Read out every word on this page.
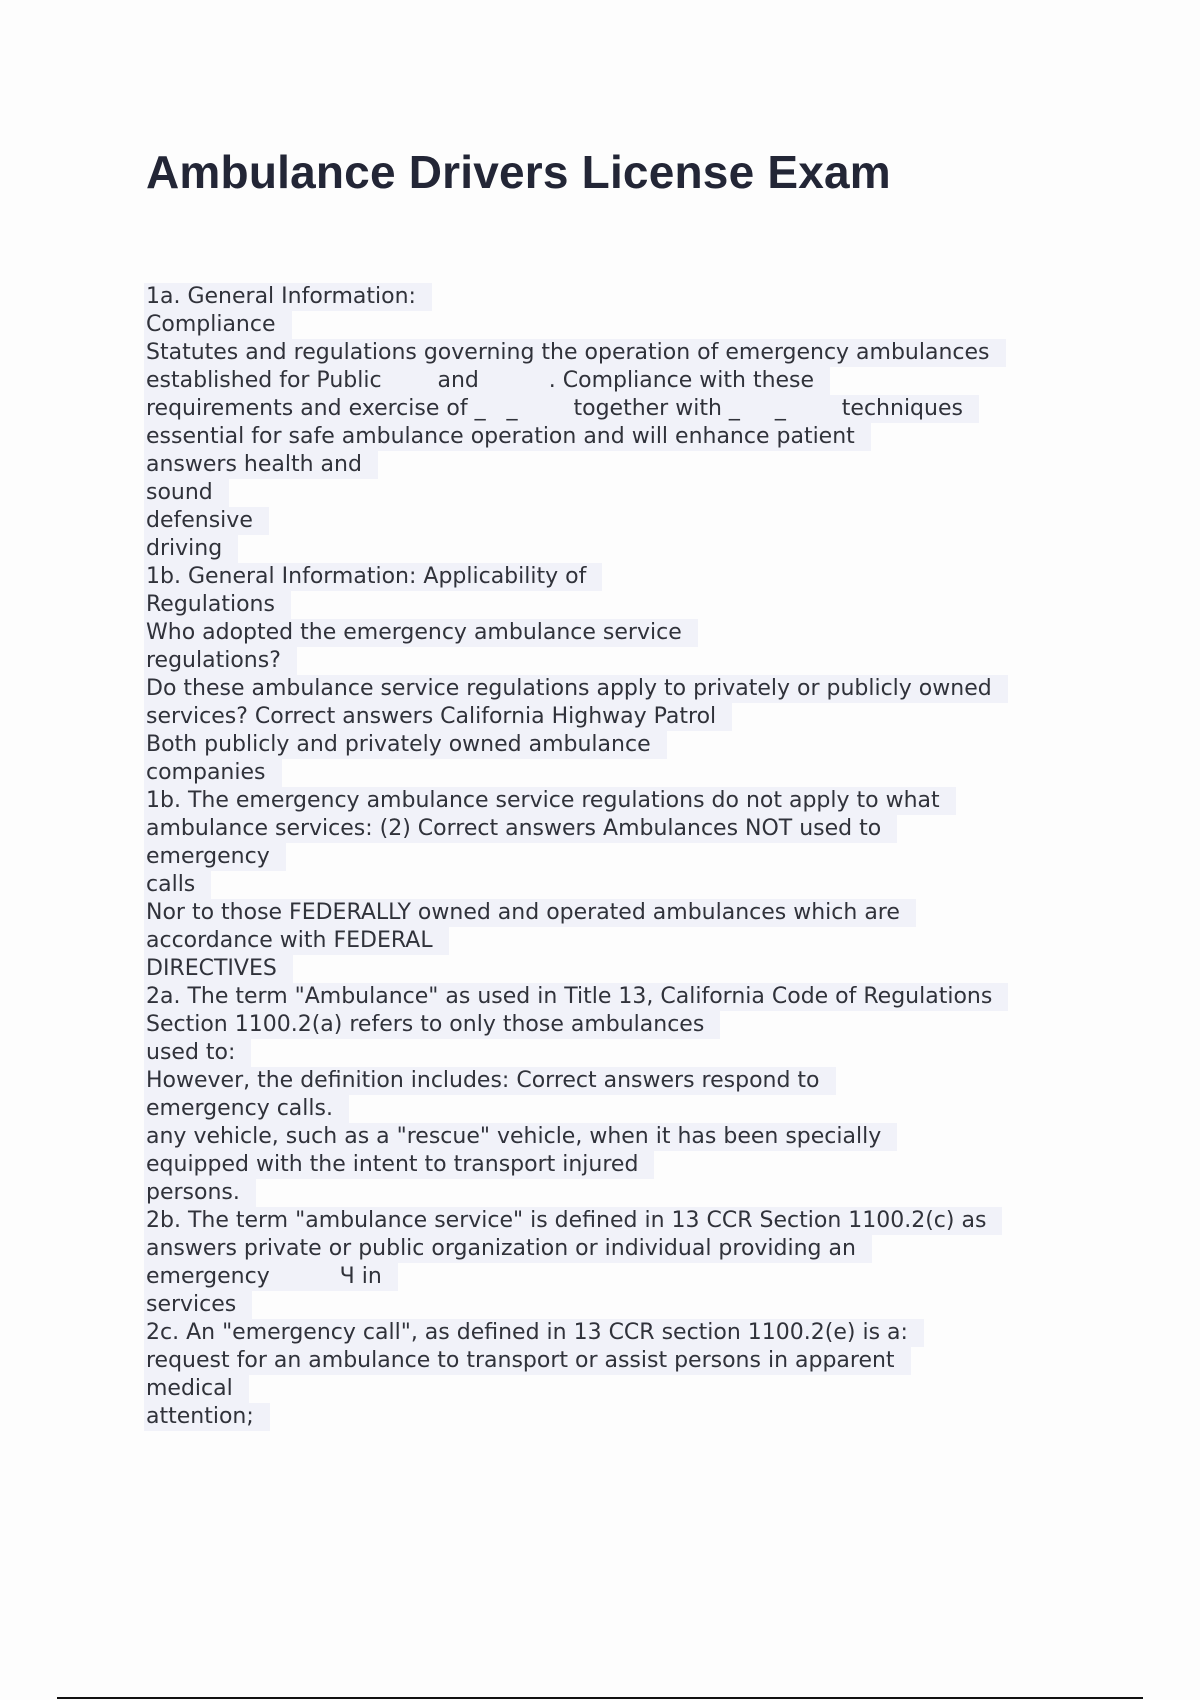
Ambulance Drivers License Exam
1a. General Information:
Compliance
Statutes and regulations governing the operation of emergency ambulances
established for Public        and          . Compliance with these
requirements and exercise of _   _        together with _     _        techniques
essential for safe ambulance operation and will enhance patient
answers health and
sound
defensive
driving
1b. General Information: Applicability of
Regulations
Who adopted the emergency ambulance service
regulations?
Do these ambulance service regulations apply to privately or publicly owned
services? Correct answers California Highway Patrol
Both publicly and privately owned ambulance
companies
1b. The emergency ambulance service regulations do not apply to what
ambulance services: (2) Correct answers Ambulances NOT used to
emergency
calls
Nor to those FEDERALLY owned and operated ambulances which are
accordance with FEDERAL
DIRECTIVES
2a. The term "Ambulance" as used in Title 13, California Code of Regulations
Section 1100.2(a) refers to only those ambulances
used to:
However, the definition includes: Correct answers respond to
emergency calls.
any vehicle, such as a "rescue" vehicle, when it has been specially
equipped with the intent to transport injured
persons.
2b. The term "ambulance service" is defined in 13 CCR Section 1100.2(c) as
answers private or public organization or individual providing an
emergency          Ч in
services
2c. An "emergency call", as defined in 13 CCR section 1100.2(e) is a:
request for an ambulance to transport or assist persons in apparent
medical
attention;
